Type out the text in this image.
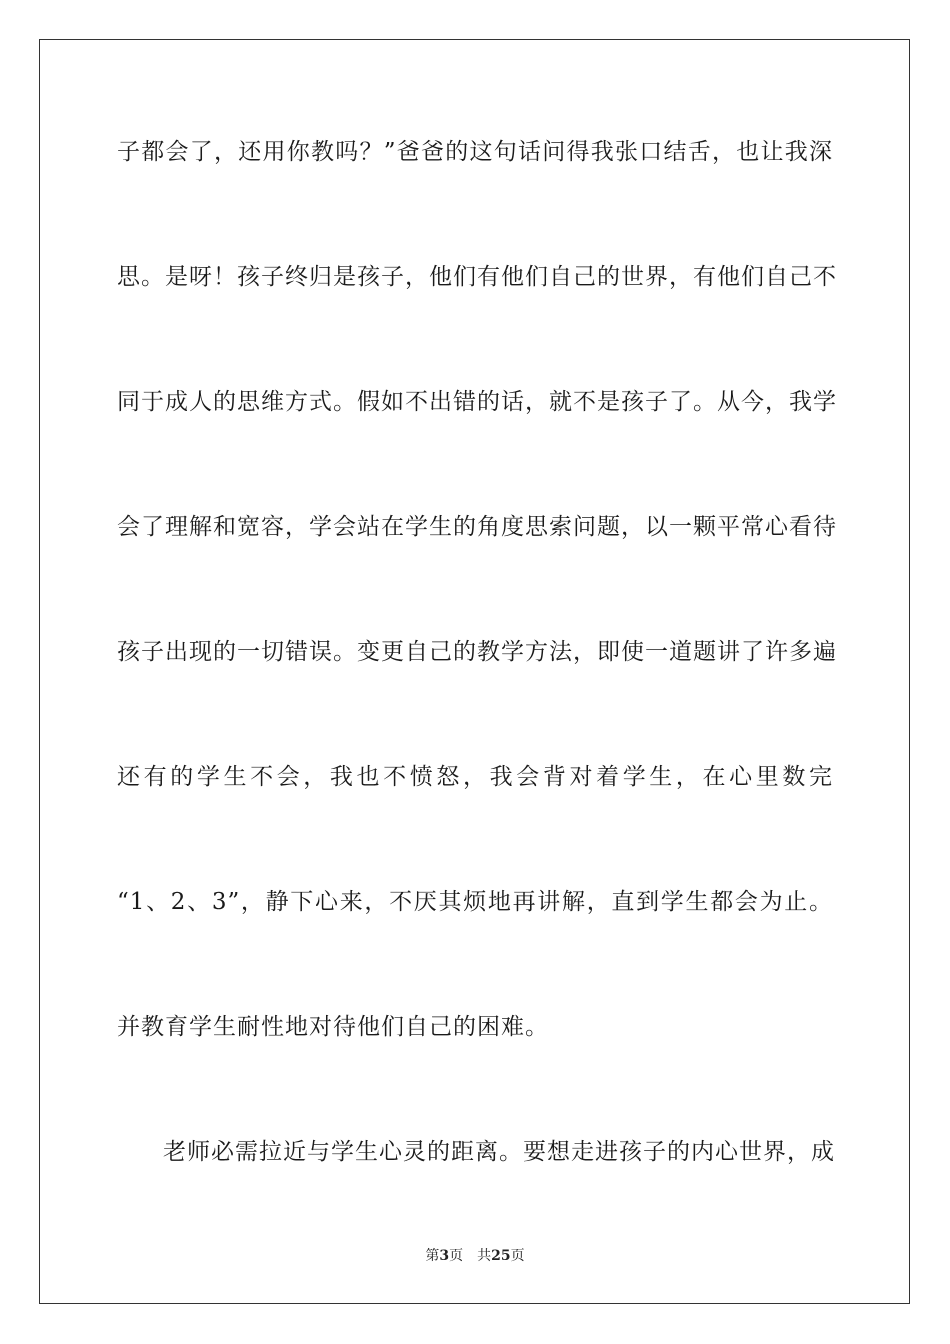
子都会了，还用你教吗？”爸爸的这句话问得我张口结舌，也让我深
思。是呀！孩子终归是孩子，他们有他们自己的世界，有他们自己不
同于成人的思维方式。假如不出错的话，就不是孩子了。从今，我学
会了理解和宽容，学会站在学生的角度思索问题，以一颗平常心看待
孩子出现的一切错误。变更自己的教学方法，即使一道题讲了许多遍
还有的学生不会，我也不愤怒，我会背对着学生，在心里数完
“1、2、3”，静下心来，不厌其烦地再讲解，直到学生都会为止。
并教育学生耐性地对待他们自己的困难。
老师必需拉近与学生心灵的距离。要想走进孩子的内心世界，成
第3页 共25页
